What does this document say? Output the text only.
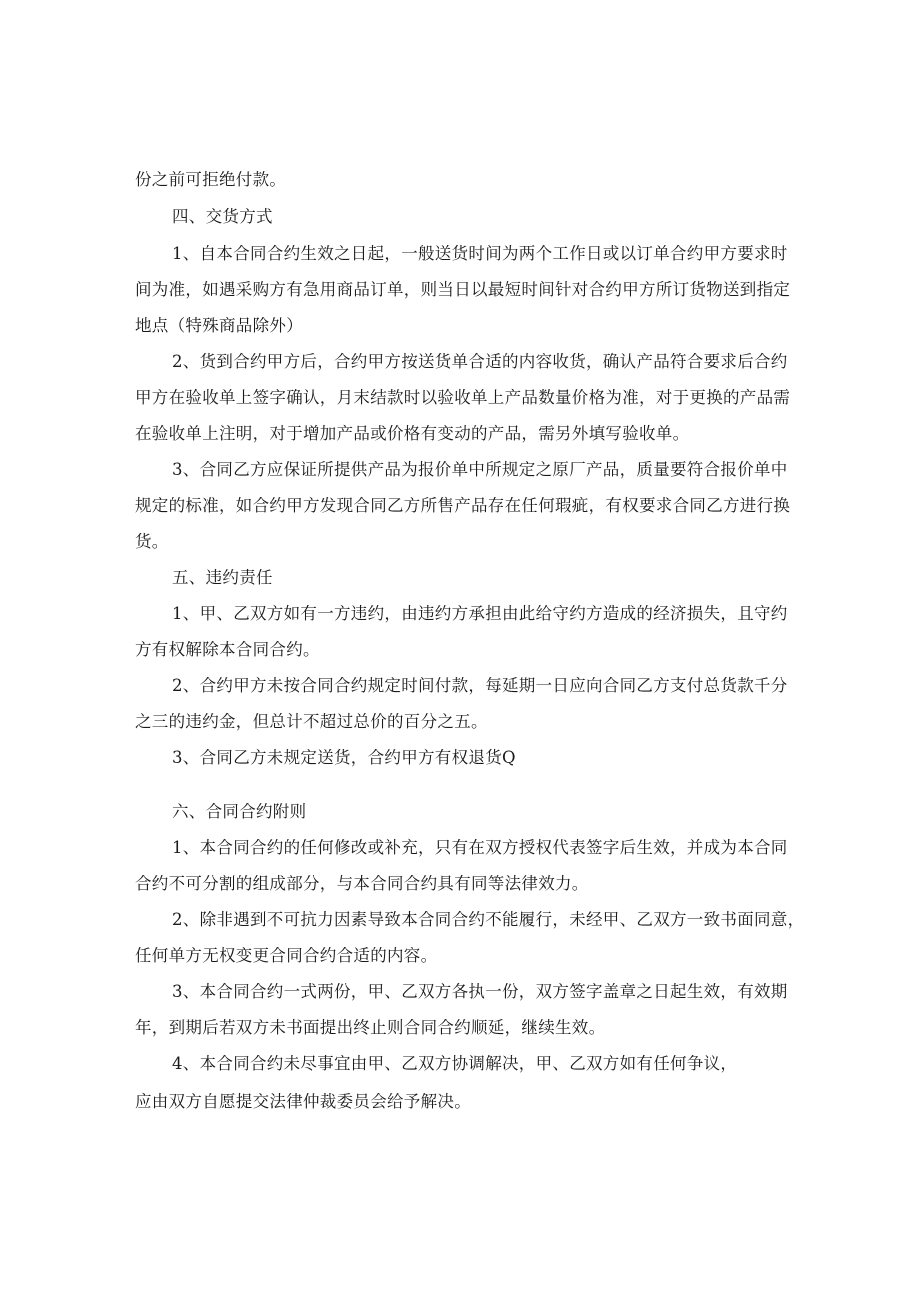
份之前可拒绝付款。
四、交货方式
1、自本合同合约生效之日起，一般送货时间为两个工作日或以订单合约甲方要求时
间为准，如遇采购方有急用商品订单，则当日以最短时间针对合约甲方所订货物送到指定
地点（特殊商品除外）
2、货到合约甲方后，合约甲方按送货单合适的内容收货，确认产品符合要求后合约
甲方在验收单上签字确认，月末结款时以验收单上产品数量价格为准，对于更换的产品需
在验收单上注明，对于增加产品或价格有变动的产品，需另外填写验收单。
3、合同乙方应保证所提供产品为报价单中所规定之原厂产品，质量要符合报价单中
规定的标准，如合约甲方发现合同乙方所售产品存在任何瑕疵，有权要求合同乙方进行换
货。
五、违约责任
1、甲、乙双方如有一方违约，由违约方承担由此给守约方造成的经济损失，且守约
方有权解除本合同合约。
2、合约甲方未按合同合约规定时间付款，每延期一日应向合同乙方支付总货款千分
之三的违约金，但总计不超过总价的百分之五。
3、合同乙方未规定送货，合约甲方有权退货Q
六、合同合约附则
1、本合同合约的任何修改或补充，只有在双方授权代表签字后生效，并成为本合同
合约不可分割的组成部分，与本合同合约具有同等法律效力。
2、除非遇到不可抗力因素导致本合同合约不能履行，未经甲、乙双方一致书面同意，
任何单方无权变更合同合约合适的内容。
3、本合同合约一式两份，甲、乙双方各执一份，双方签字盖章之日起生效，有效期
年，到期后若双方未书面提出终止则合同合约顺延，继续生效。
4、本合同合约未尽事宜由甲、乙双方协调解决，甲、乙双方如有任何争议，
应由双方自愿提交法律仲裁委员会给予解决。
